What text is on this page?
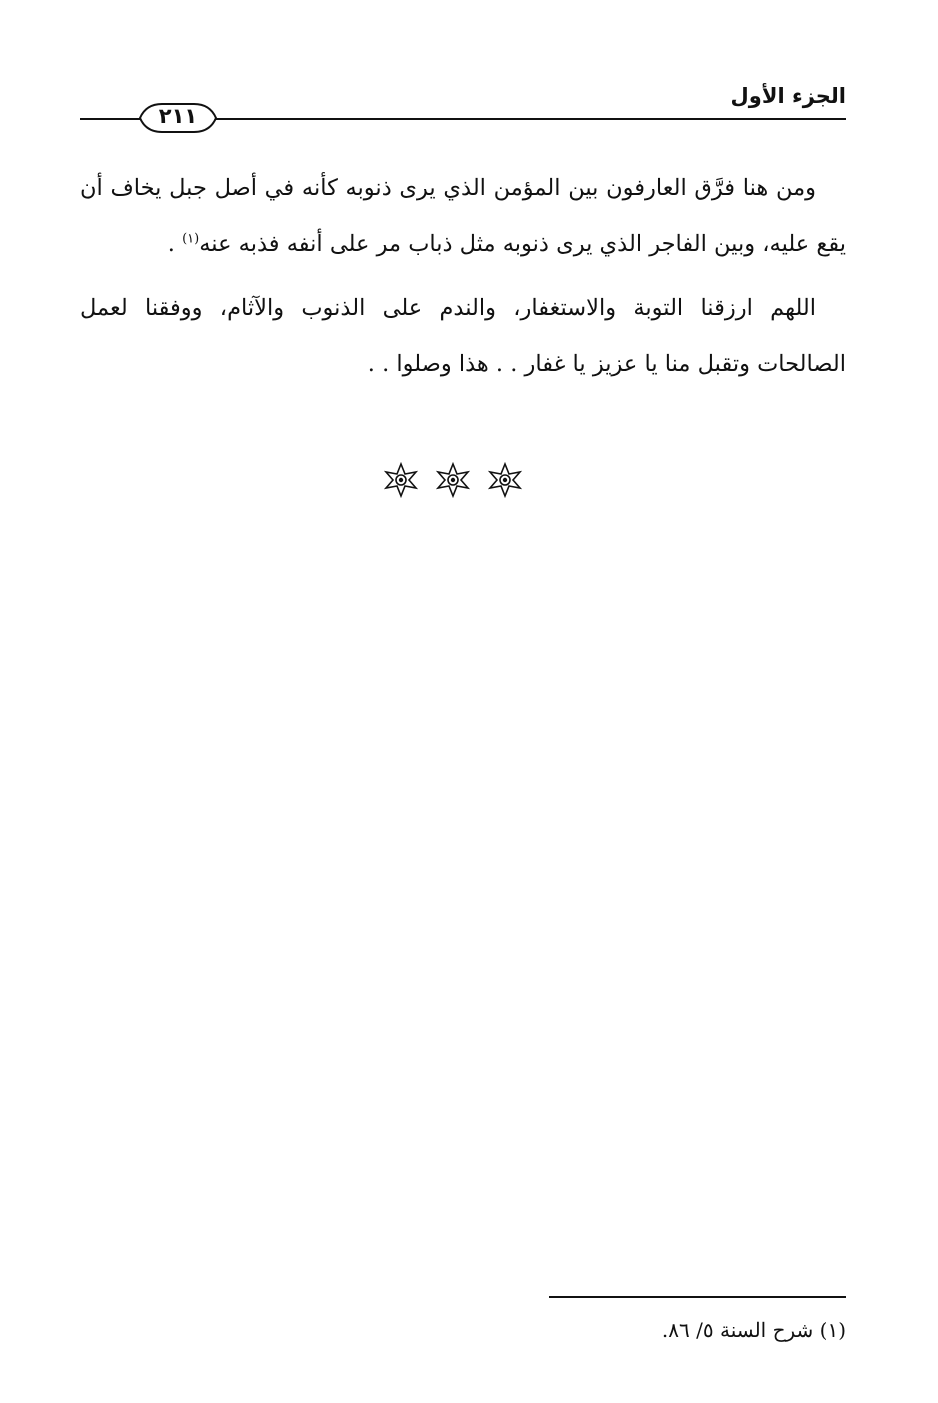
الجزء الأول
٢١١

ومن هنا فرَّق العارفون بين المؤمن الذي يرى ذنوبه كأنه في أصل جبل يخاف أن يقع عليه، وبين الفاجر الذي يرى ذنوبه مثل ذباب مر على أنفه فذبه عنه$^{(١)}$ .

اللهم ارزقنا التوبة والاستغفار، والندم على الذنوب والآثام، ووفقنا لعمل الصالحات وتقبل منا يا عزيز يا غفار . . هذا وصلوا . .

(١) شرح السنة ٥/ ٨٦.
